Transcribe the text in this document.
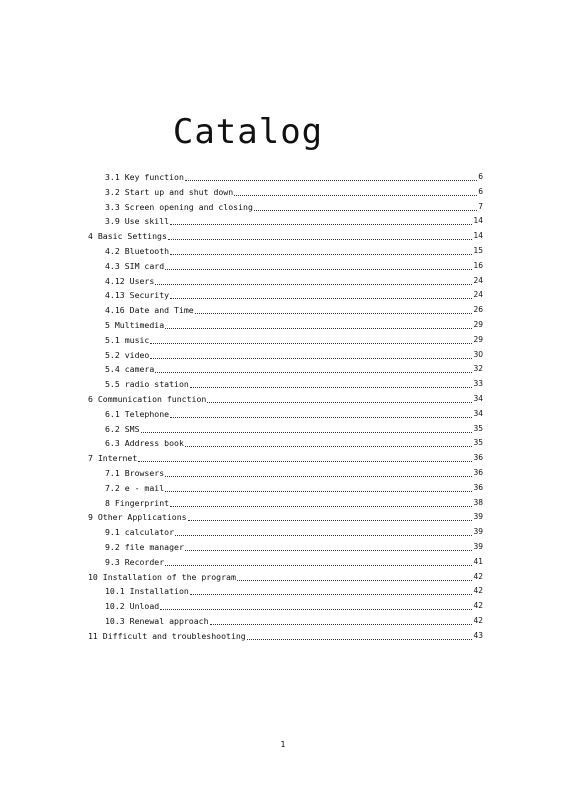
Catalog
3.1 Key function	6
3.2 Start up and shut down	6
3.3 Screen opening and closing	7
3.9 Use skill	14
4 Basic Settings	14
4.2 Bluetooth	15
4.3 SIM card	16
4.12 Users	24
4.13 Security	24
4.16 Date and Time	26
5 Multimedia	29
5.1 music	29
5.2 video	30
5.4 camera	32
5.5 radio station	33
6 Communication function	34
6.1 Telephone	34
6.2 SMS	35
6.3 Address book	35
7 Internet	36
7.1 Browsers	36
7.2 e - mail	36
8 Fingerprint	38
9 Other Applications	39
9.1 calculator	39
9.2 file manager	39
9.3 Recorder	41
10 Installation of the program	42
10.1 Installation	42
10.2 Unload	42
10.3 Renewal approach	42
11 Difficult and troubleshooting	43
1
